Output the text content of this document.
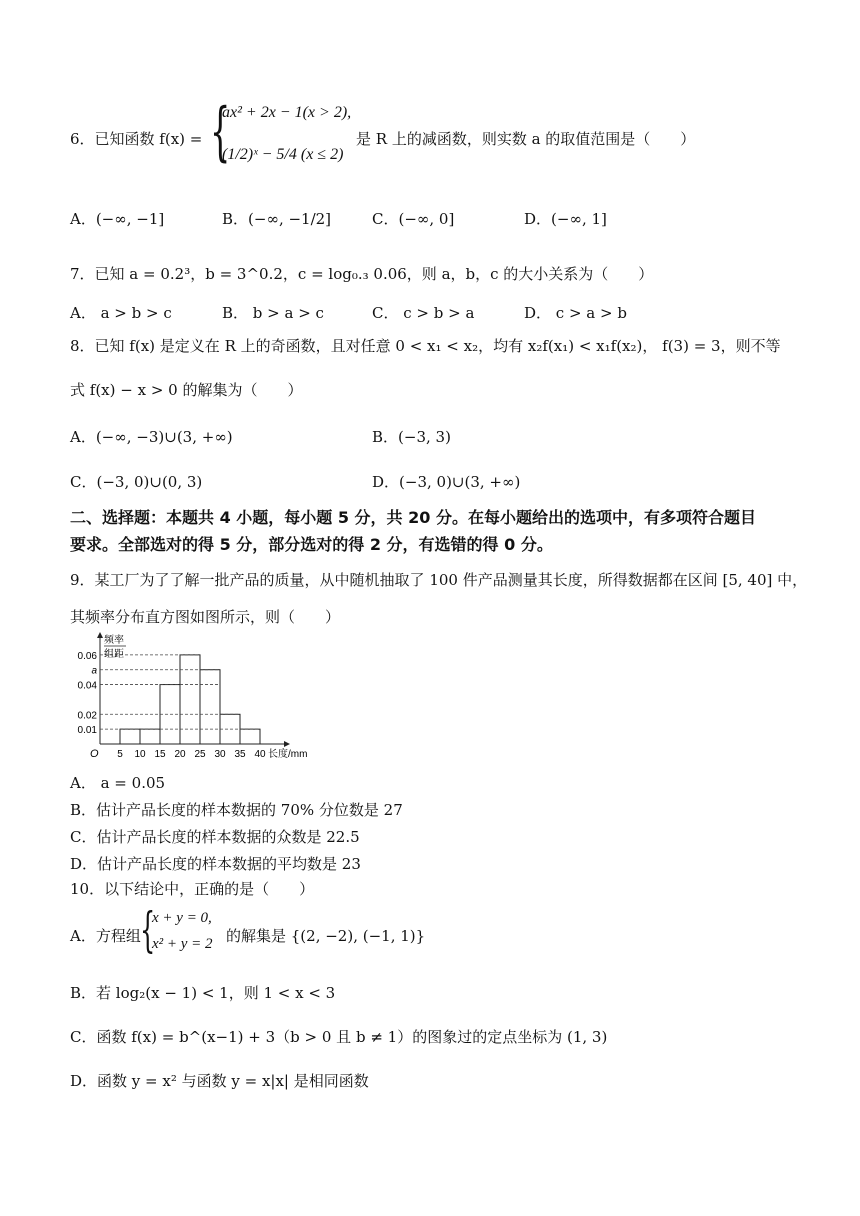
6．已知函数 f(x) = {
ax² + 2x − 1(x > 2),
(1/2)ˣ − 5/4 (x ≤ 2)
是 R 上的减函数，则实数 a 的取值范围是（　　）
A．(−∞, −1]	B．(−∞, −1/2]	C．(−∞, 0]	D．(−∞, 1]
7．已知 a = 0.2³，b = 3^0.2，c = log₀.₃ 0.06，则 a，b，c 的大小关系为（　　）
A． a > b > c	B． b > a > c	C． c > b > a	D． c > a > b
8．已知 f(x) 是定义在 R 上的奇函数，且对任意 0 < x₁ < x₂，均有 x₂f(x₁) < x₁f(x₂)， f(3) = 3，则不等
式 f(x) − x > 0 的解集为（　　）
A．(−∞, −3)∪(3, +∞)	B．(−3, 3)
C．(−3, 0)∪(0, 3)	D．(−3, 0)∪(3, +∞)
二、选择题：本题共 4 小题，每小题 5 分，共 20 分。在每小题给出的选项中，有多项符合题目
要求。全部选对的得 5 分，部分选对的得 2 分，有选错的得 0 分。
9．某工厂为了了解一批产品的质量，从中随机抽取了 100 件产品测量其长度，所得数据都在区间 [5, 40] 中，
其频率分布直方图如图所示，则（　　）
0.06
a
0.04
0.02
0.01
5 10 15 20 25 30 35 40
O	长度/mm
频率
组距
A． a = 0.05
B．估计产品长度的样本数据的 70% 分位数是 27
C．估计产品长度的样本数据的众数是 22.5
D．估计产品长度的样本数据的平均数是 23
10．以下结论中，正确的是（　　）
A．方程组 {
x + y = 0,
x² + y = 2 的解集是 {(2, −2), (−1, 1)}
B．若 log₂(x − 1) < 1，则 1 < x < 3
C．函数 f(x) = b^(x−1) + 3（b > 0 且 b ≠ 1）的图象过的定点坐标为 (1, 3)
D．函数 y = x² 与函数 y = x|x| 是相同函数
